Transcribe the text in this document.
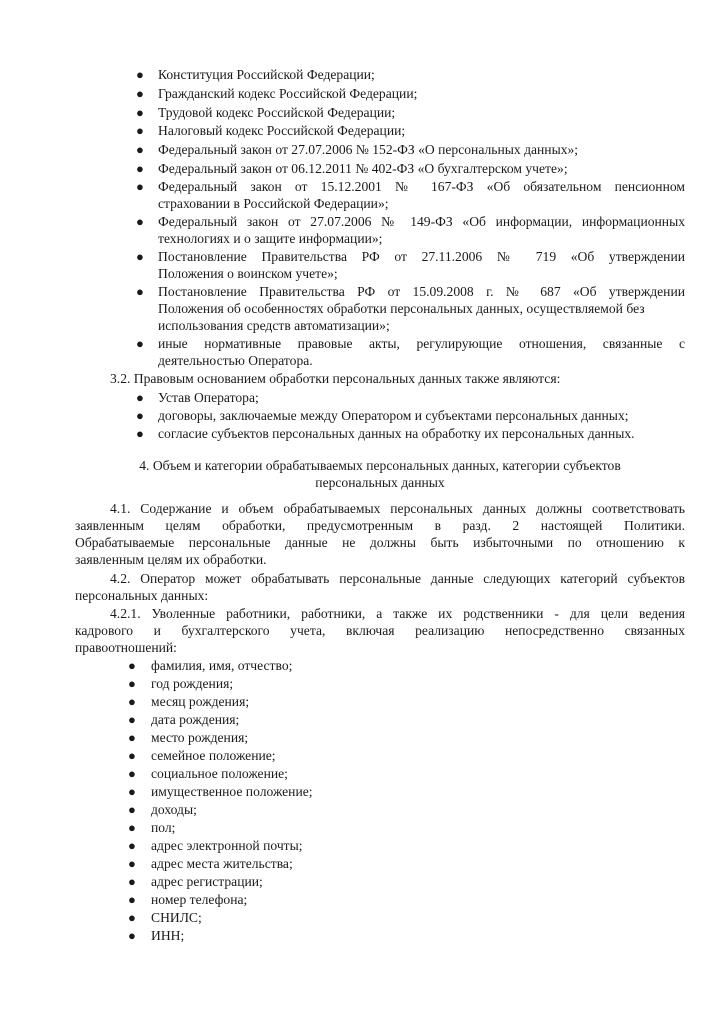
● Конституция Российской Федерации;
● Гражданский кодекс Российской Федерации;
● Трудовой кодекс Российской Федерации;
● Налоговый кодекс Российской Федерации;
● Федеральный закон от 27.07.2006 № 152-ФЗ «О персональных данных»;
● Федеральный закон от 06.12.2011 № 402-ФЗ «О бухгалтерском учете»;
● Федеральный закон от 15.12.2001 № 167-ФЗ «Об обязательном пенсионном
страховании в Российской Федерации»;
● Федеральный закон от 27.07.2006 № 149-ФЗ «Об информации, информационных
технологиях и о защите информации»;
● Постановление Правительства РФ от 27.11.2006 № 719 «Об утверждении
Положения о воинском учете»;
● Постановление Правительства РФ от 15.09.2008 г. № 687 «Об утверждении
Положения об особенностях обработки персональных данных, осуществляемой без
использования средств автоматизации»;
● иные нормативные правовые акты, регулирующие отношения, связанные с
деятельностью Оператора.
3.2. Правовым основанием обработки персональных данных также являются:
● Устав Оператора;
● договоры, заключаемые между Оператором и субъектами персональных данных;
● согласие субъектов персональных данных на обработку их персональных данных.
4. Объем и категории обрабатываемых персональных данных, категории субъектов
персональных данных
4.1. Содержание и объем обрабатываемых персональных данных должны соответствовать
заявленным целям обработки, предусмотренным в разд. 2 настоящей Политики.
Обрабатываемые персональные данные не должны быть избыточными по отношению к
заявленным целям их обработки.
4.2. Оператор может обрабатывать персональные данные следующих категорий субъектов
персональных данных:
4.2.1. Уволенные работники, работники, а также их родственники - для цели ведения
кадрового и бухгалтерского учета, включая реализацию непосредственно связанных
правоотношений:
● фамилия, имя, отчество;
● год рождения;
● месяц рождения;
● дата рождения;
● место рождения;
● семейное положение;
● социальное положение;
● имущественное положение;
● доходы;
● пол;
● адрес электронной почты;
● адрес места жительства;
● адрес регистрации;
● номер телефона;
● СНИЛС;
● ИНН;
